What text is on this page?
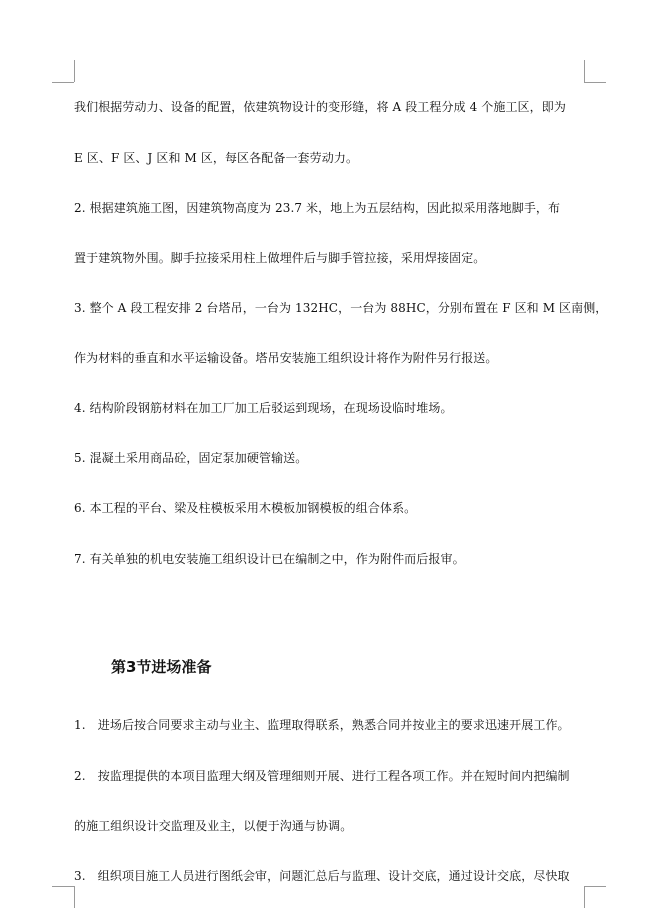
我们根据劳动力、设备的配置，依建筑物设计的变形缝，将 A 段工程分成 4 个施工区，即为
E 区、F 区、J 区和 M 区，每区各配备一套劳动力。
2. 根据建筑施工图，因建筑物高度为 23.7 米，地上为五层结构，因此拟采用落地脚手，布
置于建筑物外围。脚手拉接采用柱上做埋件后与脚手管拉接，采用焊接固定。
3. 整个 A 段工程安排 2 台塔吊，一台为 132HC，一台为 88HC，分别布置在 F 区和 M 区南侧，
作为材料的垂直和水平运输设备。塔吊安装施工组织设计将作为附件另行报送。
4. 结构阶段钢筋材料在加工厂加工后驳运到现场，在现场设临时堆场。
5. 混凝土采用商品砼，固定泵加硬管输送。
6. 本工程的平台、梁及柱模板采用木模板加钢模板的组合体系。
7. 有关单独的机电安装施工组织设计已在编制之中，作为附件而后报审。
第3节进场准备
1.　进场后按合同要求主动与业主、监理取得联系，熟悉合同并按业主的要求迅速开展工作。
2.　按监理提供的本项目监理大纲及管理细则开展、进行工程各项工作。并在短时间内把编制
的施工组织设计交监理及业主，以便于沟通与协调。
3.　组织项目施工人员进行图纸会审，问题汇总后与监理、设计交底，通过设计交底，尽快取
